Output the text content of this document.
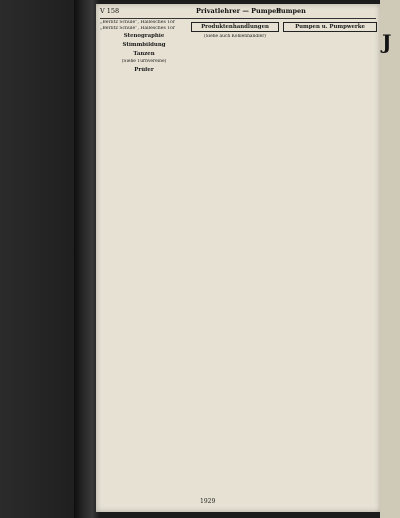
J
V 158	Privatlehrer — Pumpen
Pumpen

„Berlitz Schule“, Hallesches Tor

„Berlitz Schule“, Hallesches Tor

Stenographie

Stimmbildung

Tanzen

(Siehe Turnvereine)

Prüfer

Produktenhandlungen

(Siehe auch Kohlenhändler)

Pumpen u. Pumpwerke
1929
